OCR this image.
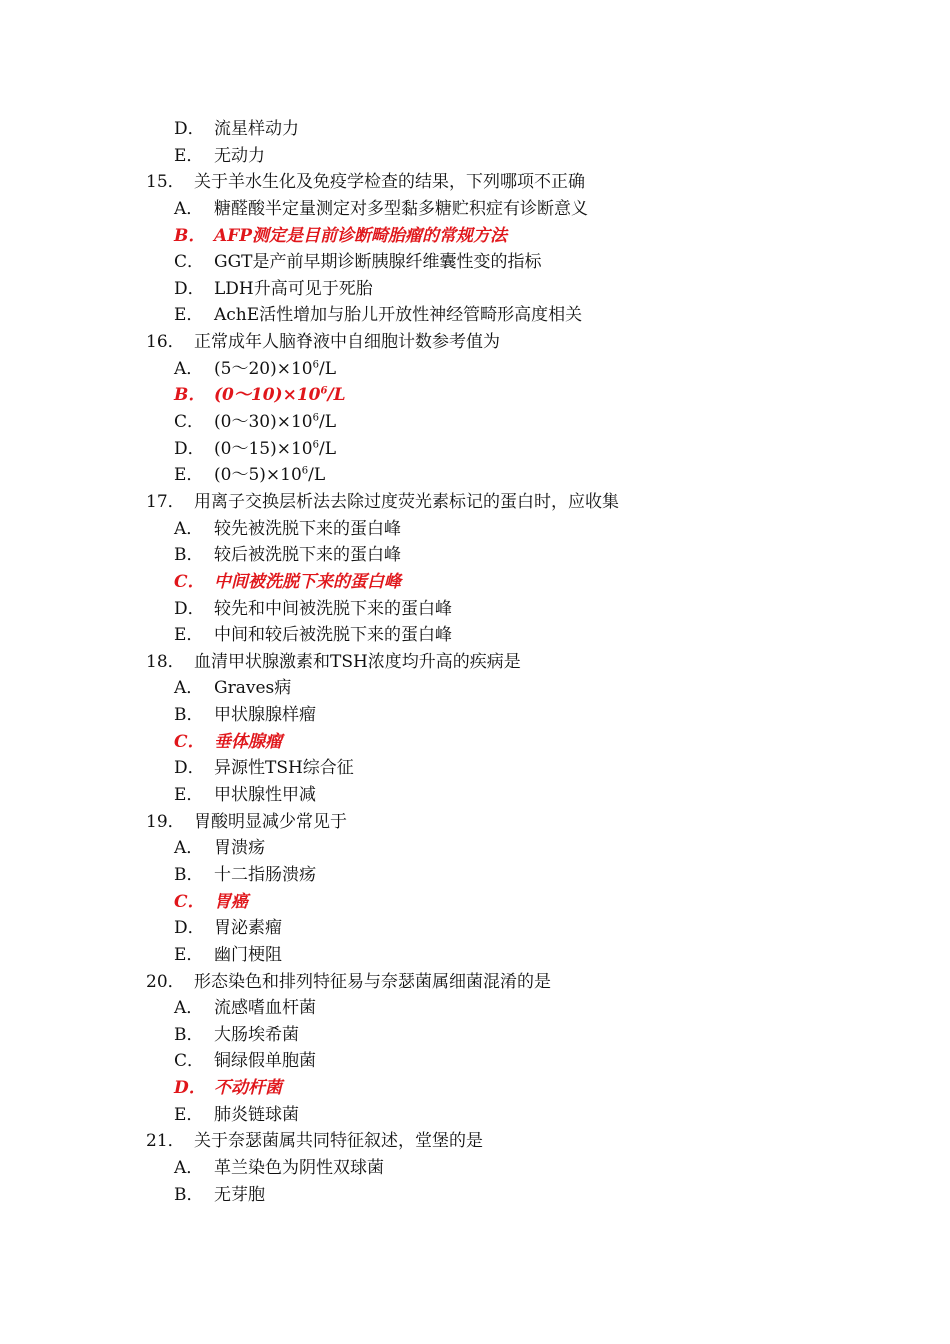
D． 流星样动力
E． 无动力
15． 关于羊水生化及免疫学检查的结果，下列哪项不正确
A． 糖醛酸半定量测定对多型黏多糖贮积症有诊断意义
B． AFP测定是目前诊断畸胎瘤的常规方法
C． GGT是产前早期诊断胰腺纤维囊性变的指标
D． LDH升高可见于死胎
E． AchE活性增加与胎儿开放性神经管畸形高度相关
16． 正常成年人脑脊液中自细胞计数参考值为
A． $(5\sim 20)\times 10^6/L$
B． $(0\sim 10)\times 10^6/L$
C． $(0\sim 30)\times 10^6/L$
D． $(0\sim 15)\times 10^6/L$
E． $(0\sim 5)\times 10^6/L$
17． 用离子交换层析法去除过度荧光素标记的蛋白时，应收集
A． 较先被洗脱下来的蛋白峰
B． 较后被洗脱下来的蛋白峰
C． 中间被洗脱下来的蛋白峰
D． 较先和中间被洗脱下来的蛋白峰
E． 中间和较后被洗脱下来的蛋白峰
18． 血清甲状腺激素和TSH浓度均升高的疾病是
A． Graves病
B． 甲状腺腺样瘤
C． 垂体腺瘤
D． 异源性TSH综合征
E． 甲状腺性甲减
19． 胃酸明显减少常见于
A． 胃溃疡
B． 十二指肠溃疡
C． 胃癌
D． 胃泌素瘤
E． 幽门梗阻
20． 形态染色和排列特征易与奈瑟菌属细菌混淆的是
A． 流感嗜血杆菌
B． 大肠埃希菌
C． 铜绿假单胞菌
D． 不动杆菌
E． 肺炎链球菌
21． 关于奈瑟菌属共同特征叙述，堂堡的是
A． 革兰染色为阴性双球菌
B． 无芽胞
